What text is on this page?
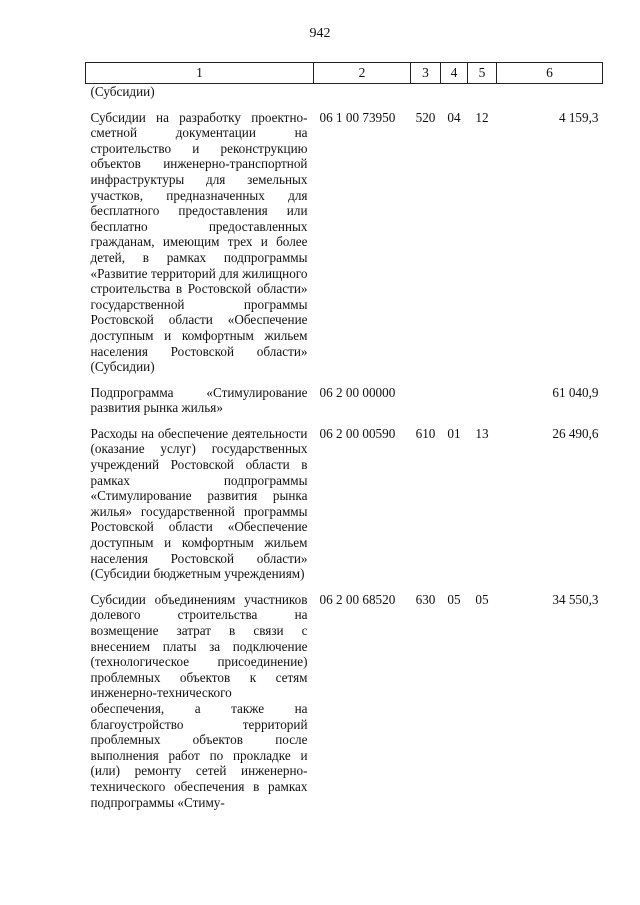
942
1	2	3	4	5	6
(Субсидии)					

Субсидии на разработку проектно-сметной документации на строительство и реконструкцию объектов инженерно-транспортной инфраструктуры для земельных участков, предназначенных для бесплатного предоставления или бесплатно предоставленных гражданам, имеющим трех и более детей, в рамках подпрограммы «Развитие территорий для жилищного строительства в Ростовской области» государственной программы Ростовской области «Обеспечение доступным и комфортным жильем населения Ростовской области» (Субсидии)	06 1 00 73950	520	04	12	4 159,3

Подпрограмма «Стимулирование развития рынка жилья»	06 2 00 00000				61 040,9

Расходы на обеспечение деятельности (оказание услуг) государственных учреждений Ростовской области в рамках подпрограммы «Стимулирование развития рынка жилья» государственной программы Ростовской области «Обеспечение доступным и комфортным жильем населения Ростовской области» (Субсидии бюджетным учреждениям)	06 2 00 00590	610	01	13	26 490,6

Субсидии объединениям участников долевого строительства на возмещение затрат в связи с внесением платы за подключение (технологическое присоединение) проблемных объектов к сетям инженерно-технического обеспечения, а также на благоустройство территорий проблемных объектов после выполнения работ по прокладке и (или) ремонту сетей инженерно-технического обеспечения в рамках подпрограммы «Стиму-	06 2 00 68520	630	05	05	34 550,3
